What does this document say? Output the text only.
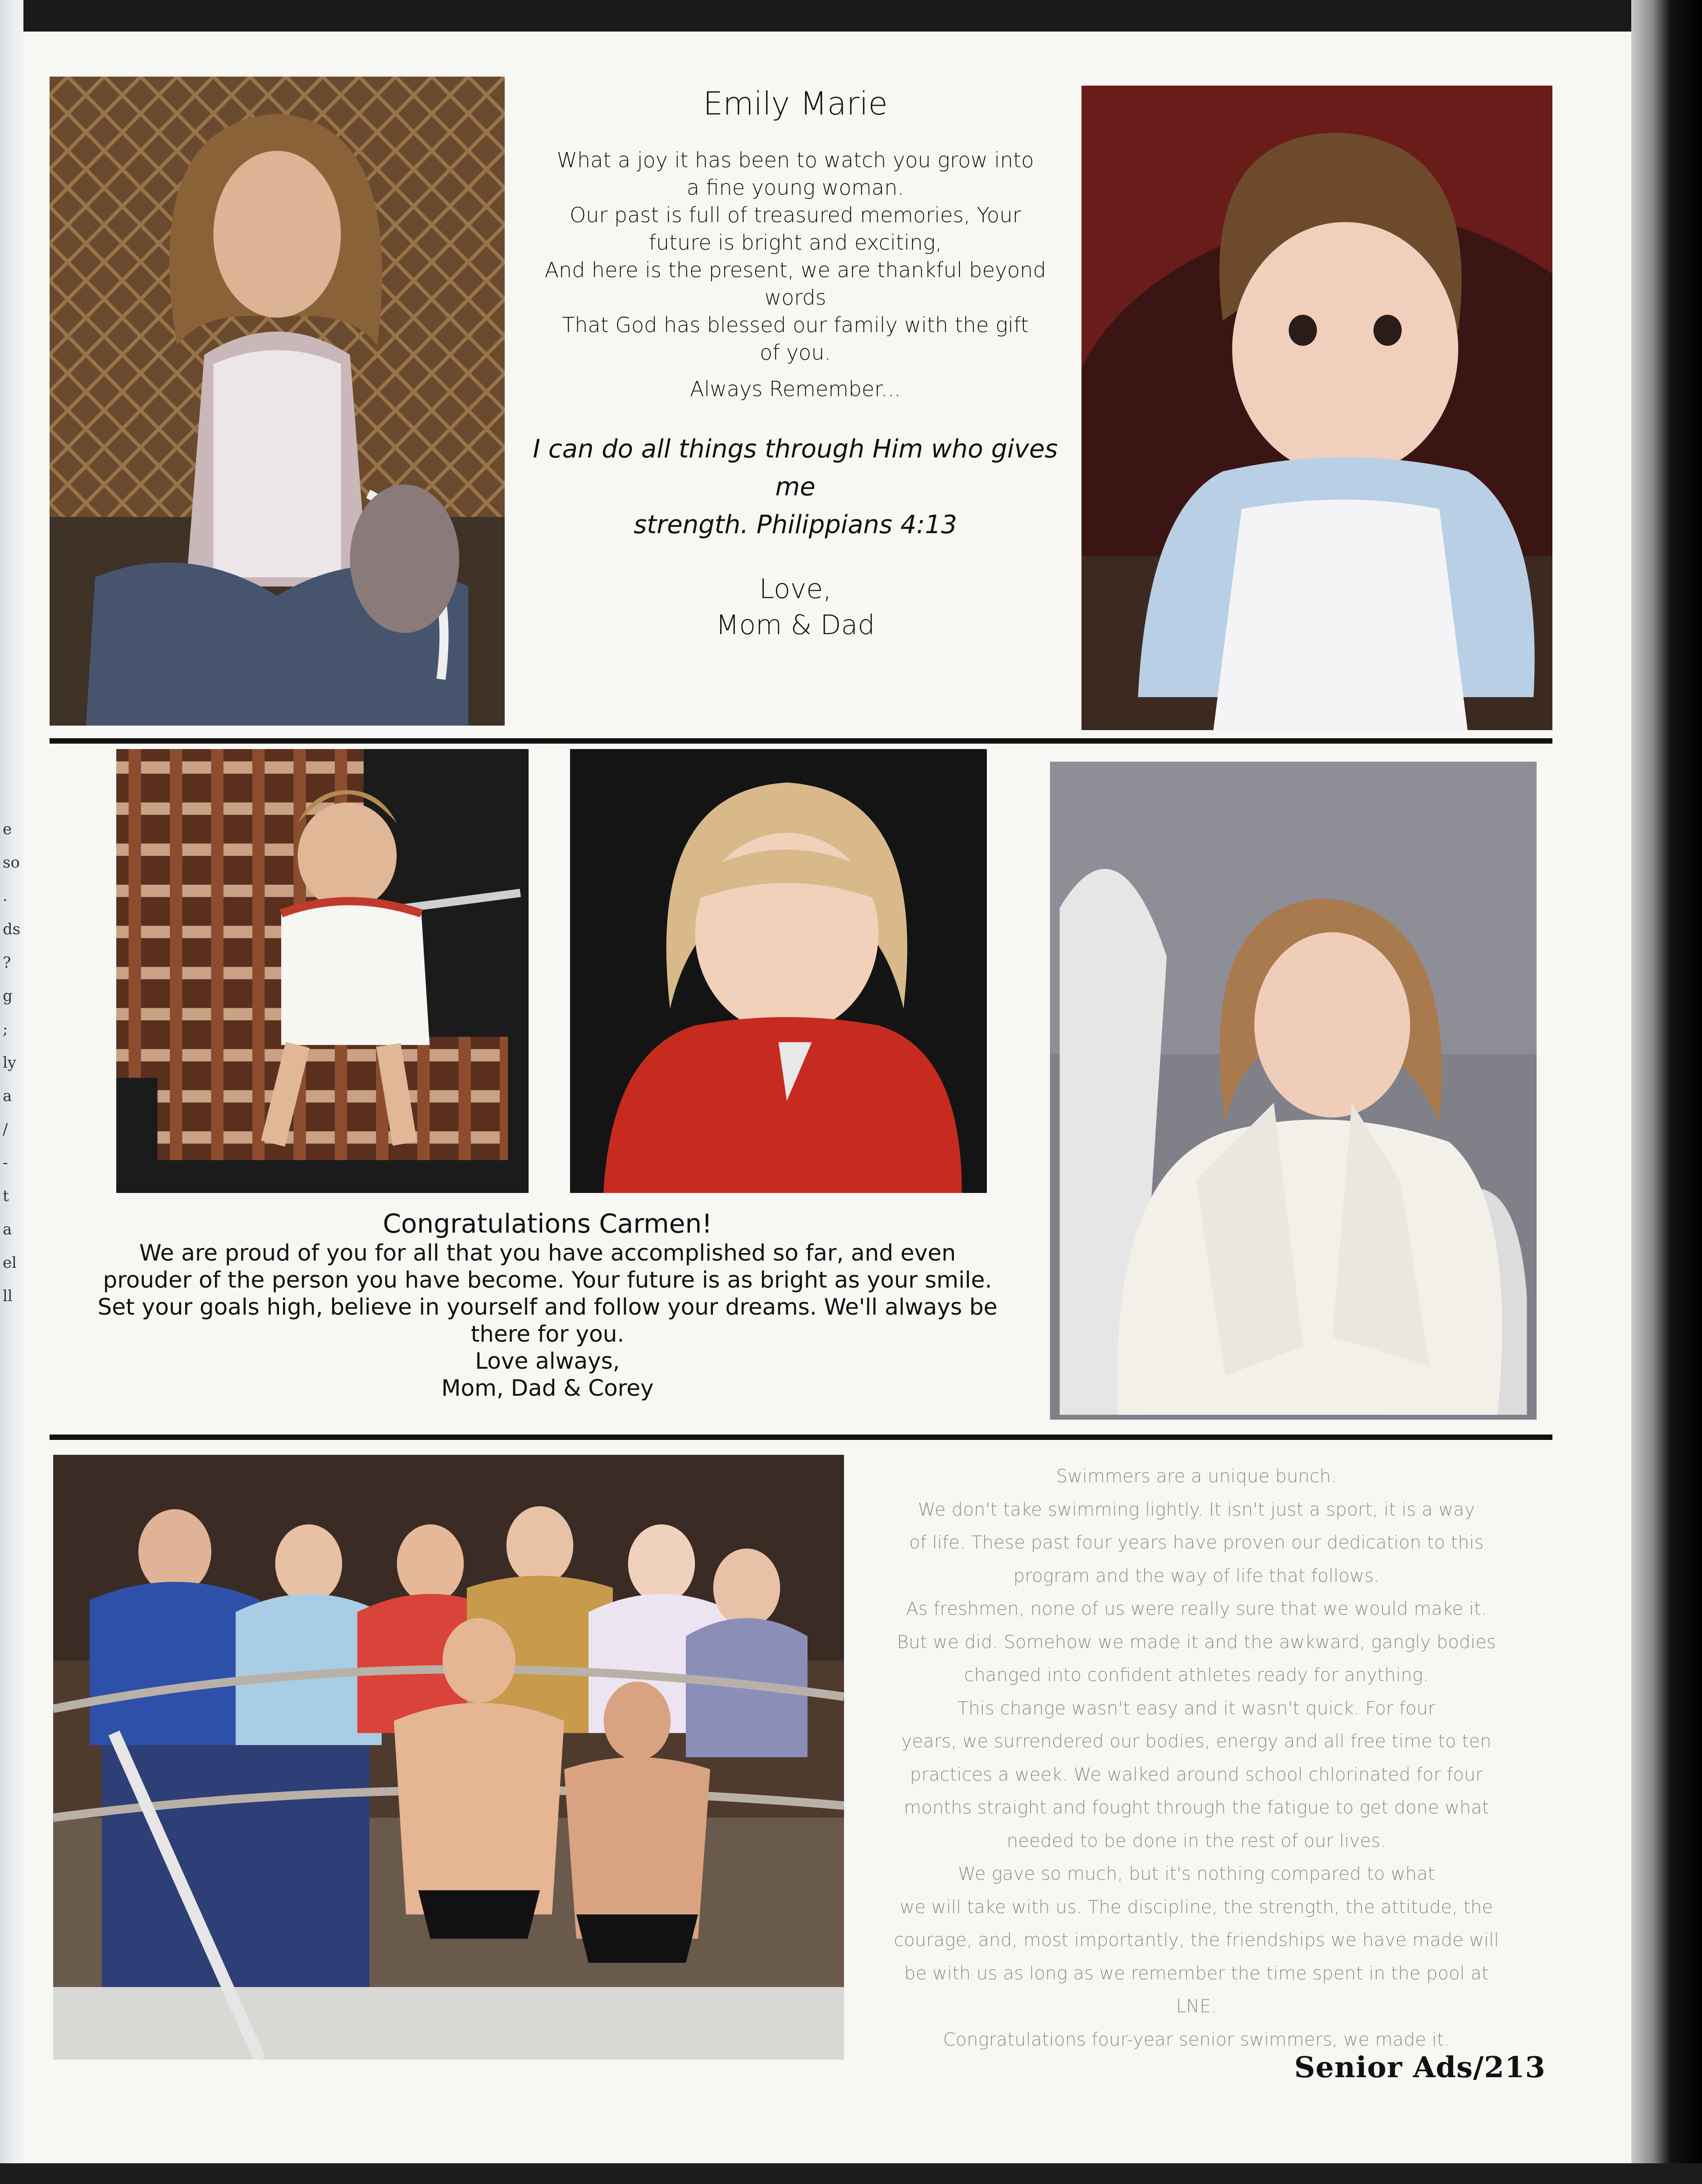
e
so
.
ds
?
g
;
ly
a
/
-
t
a
el
ll
Emily Marie
What a joy it has been to watch you grow into
a fine young woman.
Our past is full of treasured memories, Your
future is bright and exciting,
And here is the present, we are thankful beyond
words
That God has blessed our family with the gift
of you.
Always Remember...
I can do all things through Him who gives me
strength. Philippians 4:13
Love,
Mom & Dad
Congratulations Carmen!
We are proud of you for all that you have accomplished so far, and even
prouder of the person you have become. Your future is as bright as your smile.
Set your goals high, believe in yourself and follow your dreams. We'll always be
there for you.
Love always,
Mom, Dad & Corey
Swimmers are a unique bunch.
We don't take swimming lightly. It isn't just a sport, it is a way
of life. These past four years have proven our dedication to this
program and the way of life that follows.
As freshmen, none of us were really sure that we would make it.
But we did. Somehow we made it and the awkward, gangly bodies
changed into confident athletes ready for anything.
This change wasn't easy and it wasn't quick. For four
years, we surrendered our bodies, energy and all free time to ten
practices a week. We walked around school chlorinated for four
months straight and fought through the fatigue to get done what
needed to be done in the rest of our lives.
We gave so much, but it's nothing compared to what
we will take with us. The discipline, the strength, the attitude, the
courage, and, most importantly, the friendships we have made will
be with us as long as we remember the time spent in the pool at
LNE.
Congratulations four-year senior swimmers, we made it.
Senior Ads/213
